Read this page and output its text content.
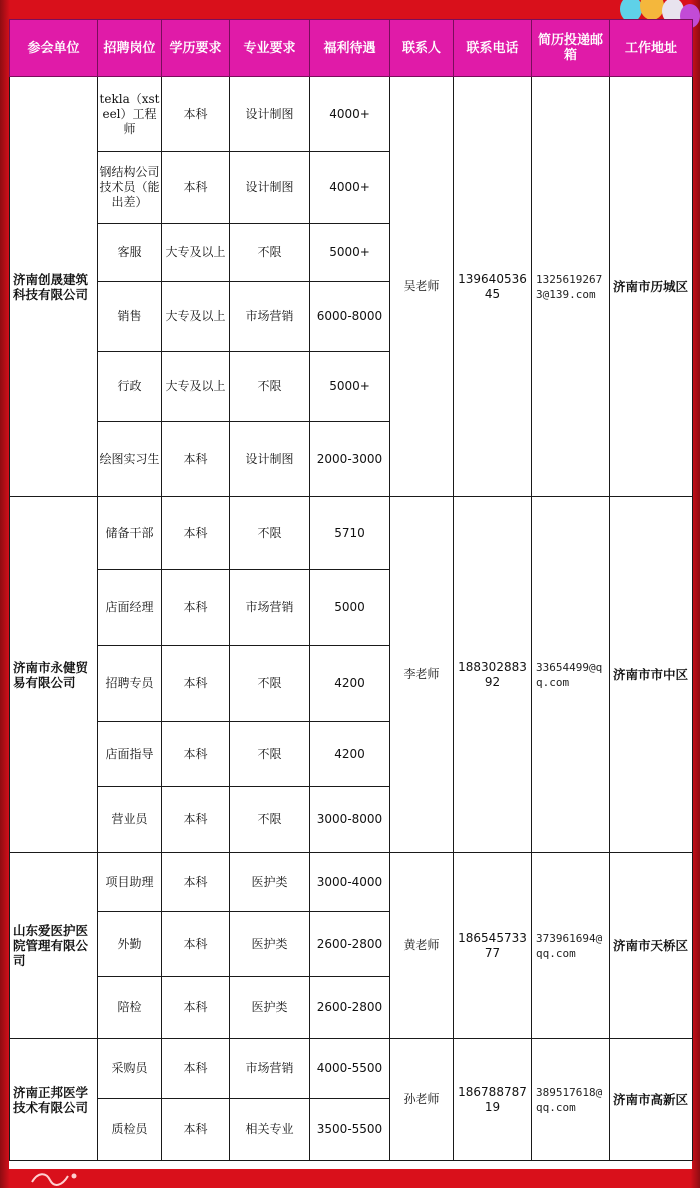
参会单位	招聘岗位	学历要求	专业要求	福利待遇	联系人	联系电话	简历投递邮箱	工作地址
济南创晟建筑科技有限公司	tekla（xsteel）工程师	本科	设计制图	4000+	吴老师	13964053645	13256192673@139.com	济南市历城区
	钢结构公司技术员（能出差）	本科	设计制图	4000+				
	客服	大专及以上	不限	5000+				
	销售	大专及以上	市场营销	6000-8000				
	行政	大专及以上	不限	5000+				
	绘图实习生	本科	设计制图	2000-3000				
济南市永健贸易有限公司	储备干部	本科	不限	5710	李老师	18830288392	33654499@qq.com	济南市市中区
	店面经理	本科	市场营销	5000				
	招聘专员	本科	不限	4200				
	店面指导	本科	不限	4200				
	营业员	本科	不限	3000-8000				
山东爱医护医院管理有限公司	项目助理	本科	医护类	3000-4000	黄老师	18654573377	373961694@qq.com	济南市天桥区
	外勤	本科	医护类	2600-2800				
	陪检	本科	医护类	2600-2800				
济南正邦医学技术有限公司	采购员	本科	市场营销	4000-5500	孙老师	18678878719	389517618@qq.com	济南市高新区
	质检员	本科	相关专业	3500-5500				
